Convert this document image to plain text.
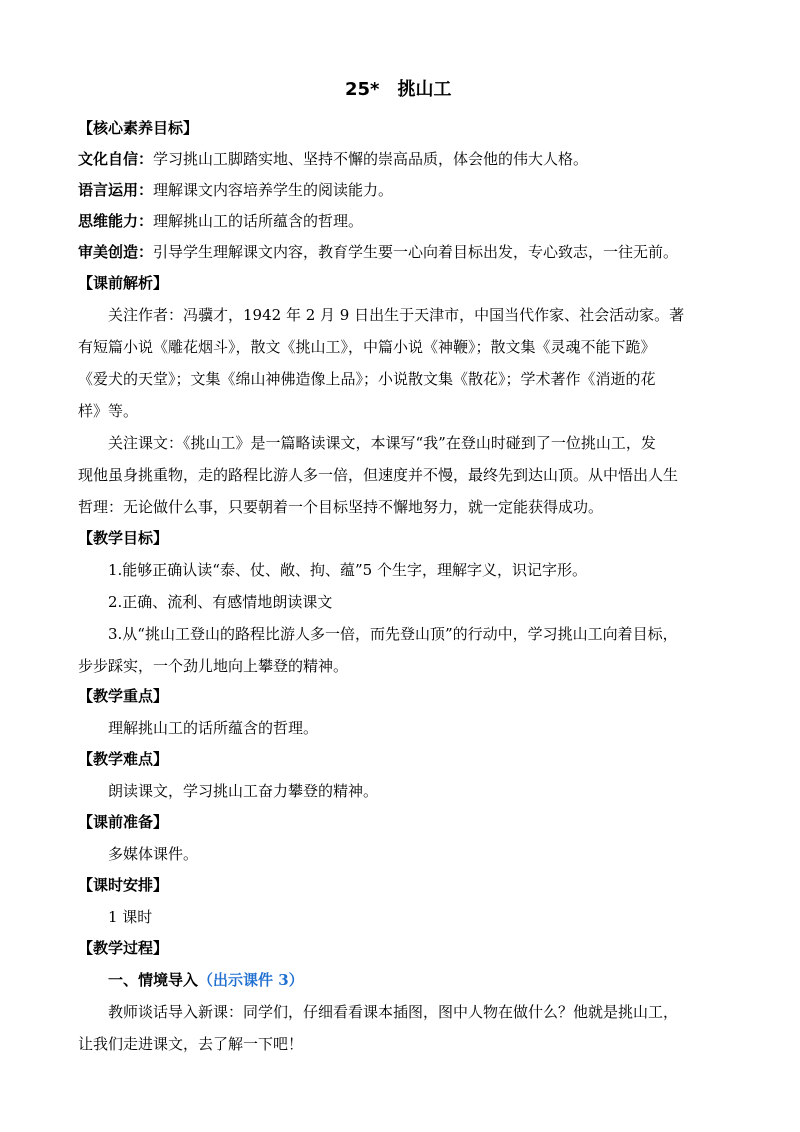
25*　挑山工
【核心素养目标】
文化自信：学习挑山工脚踏实地、坚持不懈的崇高品质，体会他的伟大人格。
语言运用：理解课文内容培养学生的阅读能力。
思维能力：理解挑山工的话所蕴含的哲理。
审美创造：引导学生理解课文内容，教育学生要一心向着目标出发，专心致志，一往无前。
【课前解析】
关注作者：冯骥才，1942 年 2 月 9 日出生于天津市，中国当代作家、社会活动家。著
有短篇小说《雕花烟斗》，散文《挑山工》，中篇小说《神鞭》；散文集《灵魂不能下跪》
《爱犬的天堂》；文集《绵山神佛造像上品》；小说散文集《散花》；学术著作《消逝的花
样》等。
关注课文：《挑山工》是一篇略读课文，本课写“我”在登山时碰到了一位挑山工，发
现他虽身挑重物，走的路程比游人多一倍，但速度并不慢，最终先到达山顶。从中悟出人生
哲理：无论做什么事，只要朝着一个目标坚持不懈地努力，就一定能获得成功。
【教学目标】
1.能够正确认读“泰、仗、敞、拘、蕴”5 个生字，理解字义，识记字形。
2.正确、流利、有感情地朗读课文
3.从“挑山工登山的路程比游人多一倍，而先登山顶”的行动中，学习挑山工向着目标，
步步踩实，一个劲儿地向上攀登的精神。
【教学重点】
理解挑山工的话所蕴含的哲理。
【教学难点】
朗读课文，学习挑山工奋力攀登的精神。
【课前准备】
多媒体课件。
【课时安排】
1 课时
【教学过程】
一、情境导入（出示课件 3）
教师谈话导入新课：同学们，仔细看看课本插图，图中人物在做什么？他就是挑山工，
让我们走进课文，去了解一下吧！
